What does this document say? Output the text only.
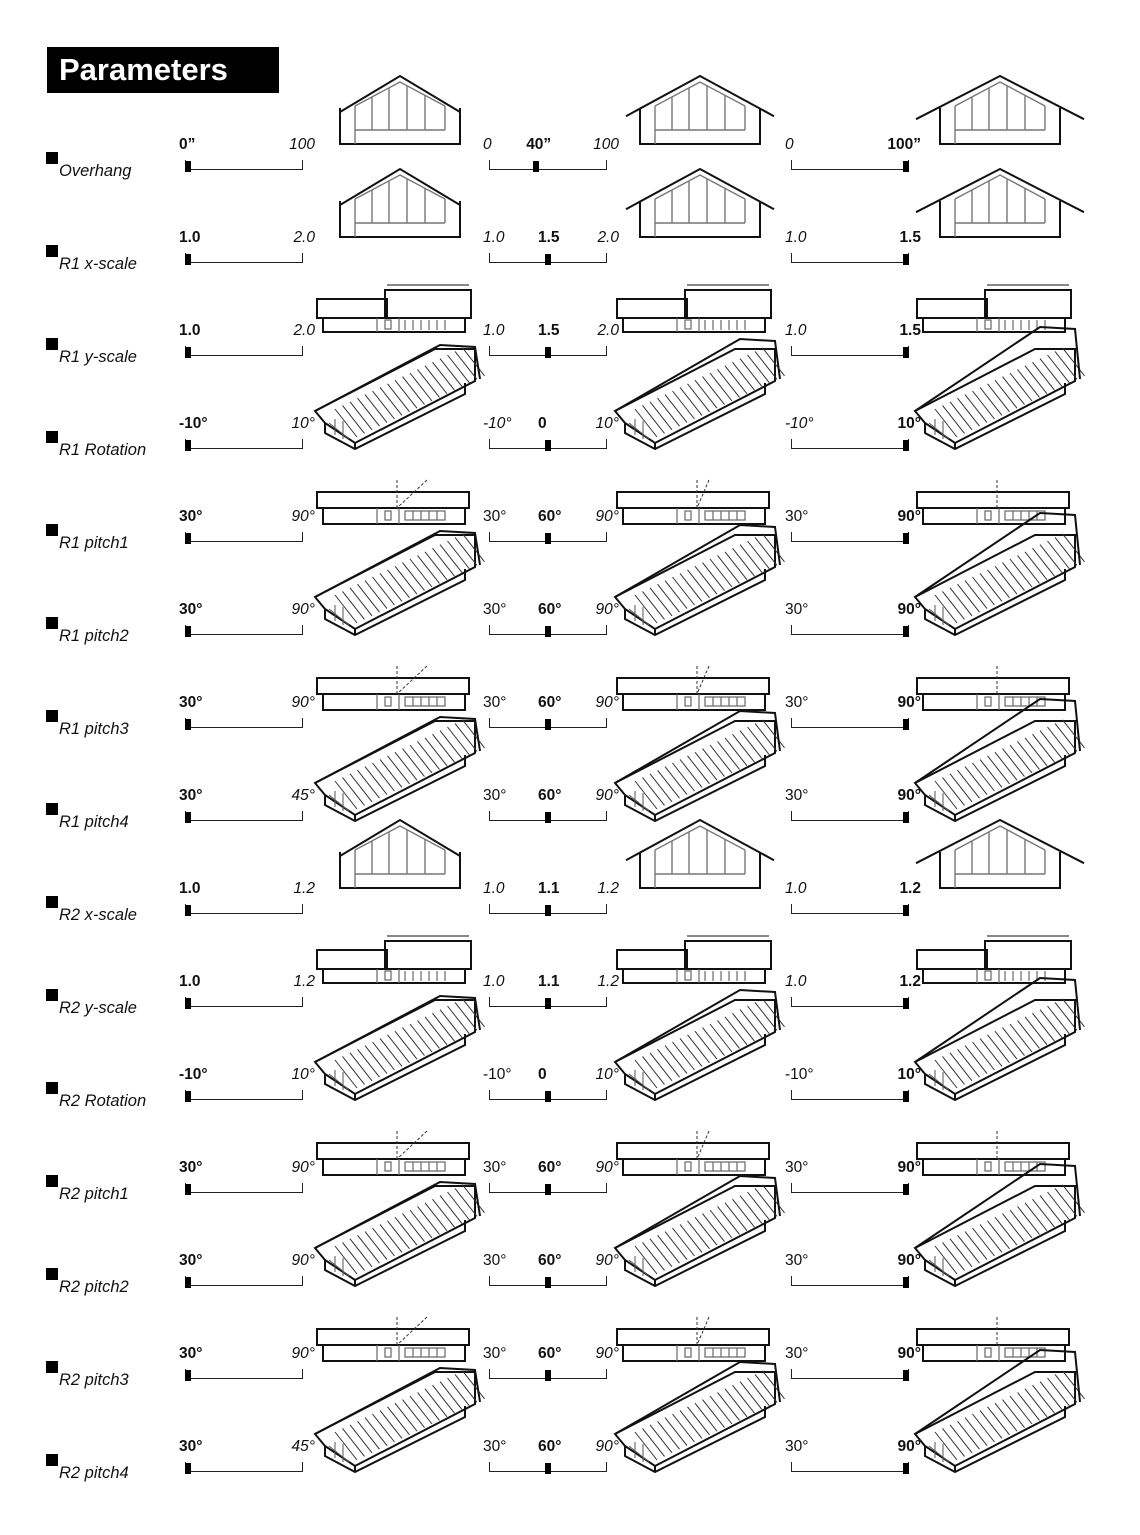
Parameters
Overhang
0”	100	0 40”	100	0	100”
R1 x-scale
1.0	2.0	1.0 1.5 2.0	1.0	1.5
R1 y-scale
1.0	2.0	1.0 1.5 2.0	1.0	1.5
R1 Rotation
-10°	10°	-10° 0	10°	-10°	10°
R1 pitch1
30°	90°	30° 60° 90°	30°	90°
R1 pitch2
30°	90°	30° 60° 90°	30°	90°
R1 pitch3
30°	90°	30° 60° 90°	30°	90°
R1 pitch4
30°	45°	30° 60° 90°	30°	90°
R2 x-scale
1.0	1.2	1.0 1.1 1.2	1.0	1.2
R2 y-scale
1.0	1.2	1.0 1.1 1.2	1.0	1.2
R2 Rotation
-10°	10°	-10° 0	10°	-10°	10°
R2 pitch1
30°	90°	30° 60° 90°	30°	90°
R2 pitch2
30°	90°	30° 60° 90°	30°	90°
R2 pitch3
30°	90°	30° 60° 90°	30°	90°
R2 pitch4
30°	45°	30° 60° 90°	30°	90°
